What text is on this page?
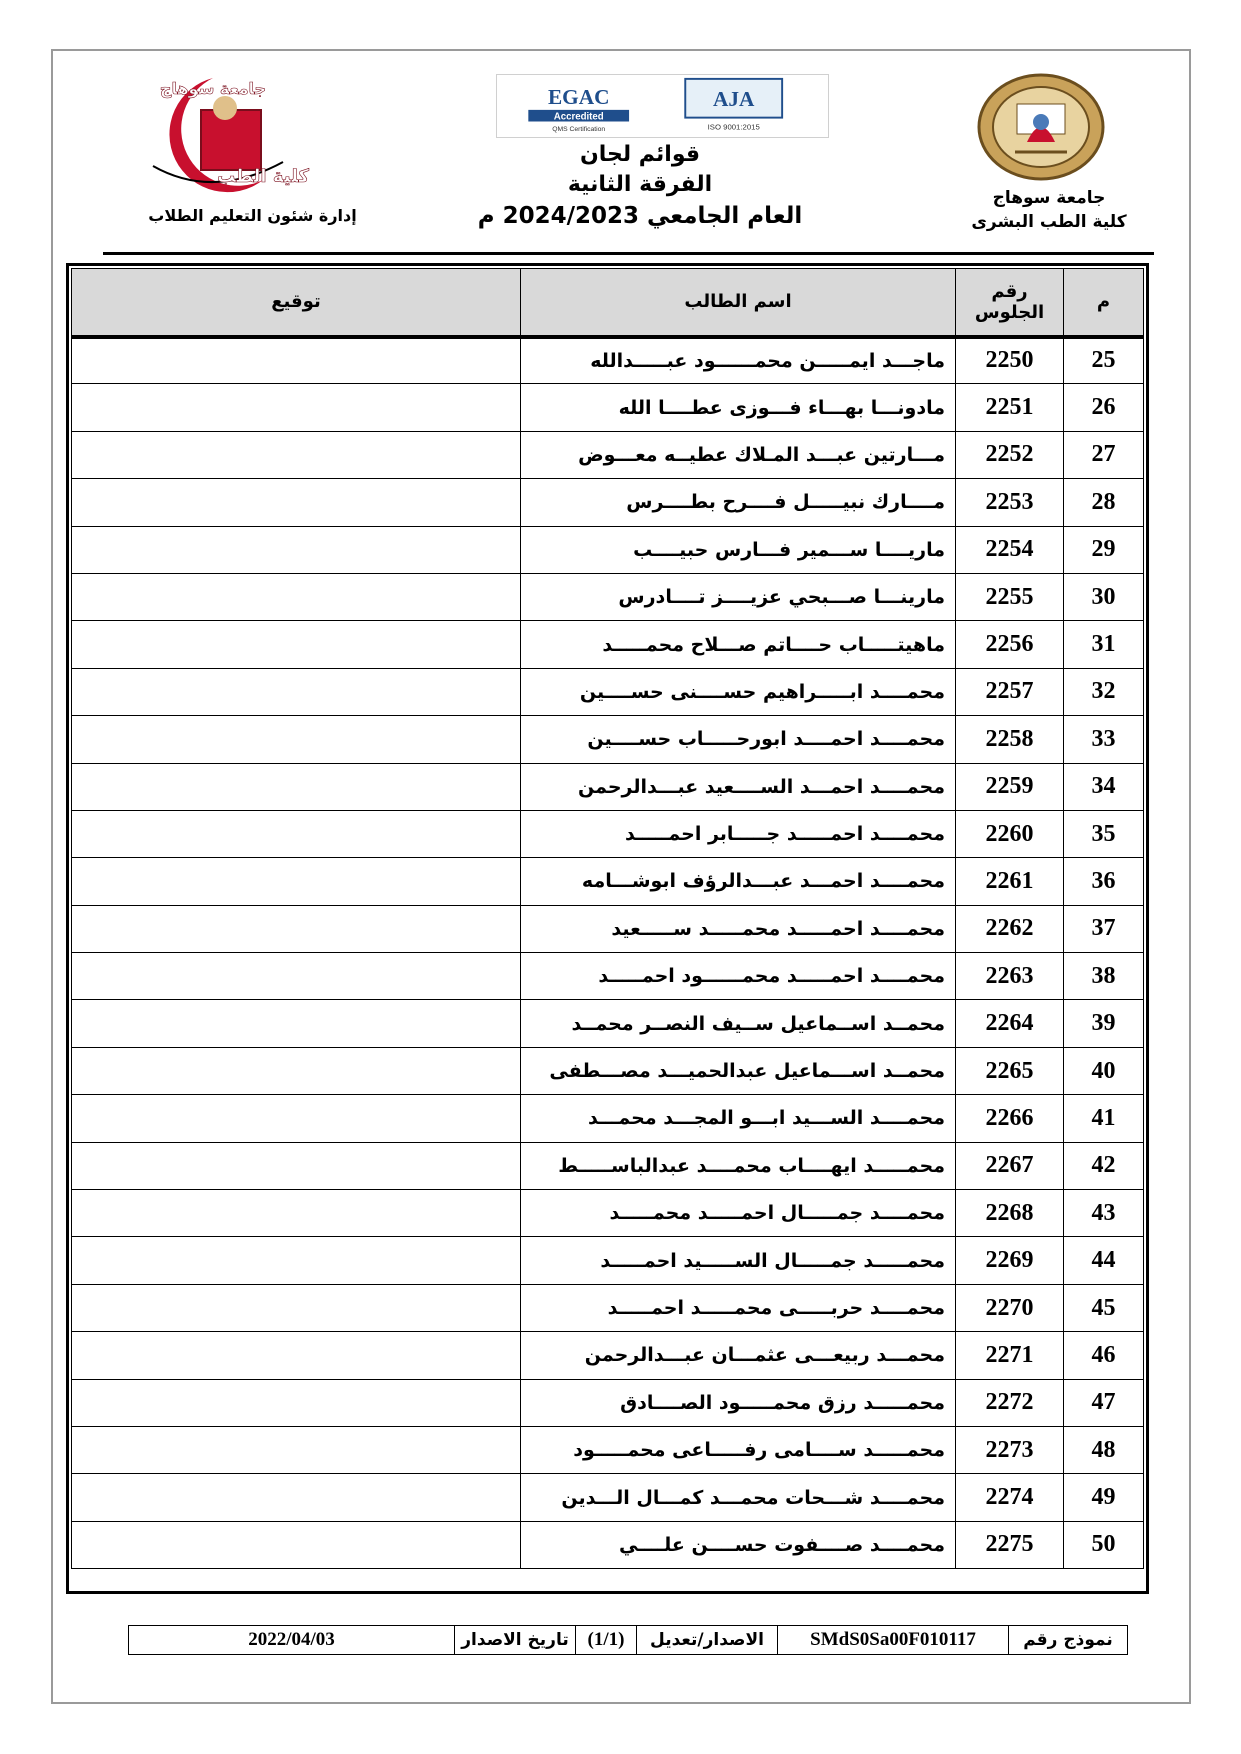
جامعة سوهاج
كلية الطب البشرى
جامعة سوهاج
كلية الطب
إدارة شئون التعليم الطلاب
EGAC
Accredited
QMS Certification
AJA
ISO 9001:2015
قوائم لجان
الفرقة الثانية
العام الجامعي 2024/2023 م
م	رقم الجلوس	اسم الطالب	توقيع
25	2250	ماجـــد ايمـــــن محمــــــود عبـــــدالله	
26	2251	مادونـــا بهـــاء فـــوزى عطــــا الله	
27	2252	مـــارتين عبـــد المـلاك عطيــه معـــوض	
28	2253	مــــارك نبيـــــل فــــرح بطــــرس	
29	2254	ماريــــا ســـمير فـــارس حبيــــب	
30	2255	مارينـــا صـــبحي عزيــــز تــــادرس	
31	2256	ماهيتـــــاب حــــاتم صـــلاح محمـــــد	
32	2257	محمــــد ابـــــراهيم حســــنى حســــين	
33	2258	محمــــد احمــــد ابورحـــــاب حســــين	
34	2259	محمــــد احمـــد الســــعيد عبـــدالرحمن	
35	2260	محمــــد احمـــــد جـــــابر احمـــــد	
36	2261	محمــــد احمـــد عبـــدالرؤف ابوشـــامه	
37	2262	محمــــد احمـــــد محمـــــد ســـــعيد	
38	2263	محمــــد احمـــــد محمــــــود احمـــــد	
39	2264	محمــد اســماعيل ســيف النصــر محمــد	
40	2265	محمــد اســـماعيل عبدالحميـــد مصـــطفى	
41	2266	محمــــد الســـيد ابـــو المجـــد محمـــد	
42	2267	محمـــــد ايهــــاب محمــــد عبدالباســـــط	
43	2268	محمــــد جمـــــال احمـــــد محمـــــد	
44	2269	محمـــــد جمـــــال الســـــيد احمـــــد	
45	2270	محمــــد حربـــــى محمـــــد احمـــــد	
46	2271	محمـــد ربيعـــى عثمـــان عبـــدالرحمن	
47	2272	محمـــــد رزق محمـــــود الصــــادق	
48	2273	محمـــــد ســــامى رفـــــاعى محمـــــود	
49	2274	محمــــد شـــحات محمـــد كمـــال الـــدين	
50	2275	محمــــد صــــفوت حســــن علــــي	
نموذج رقم
SMdS0Sa00F010117
الاصدار/تعديل
(1/1)
تاريخ الاصدار
2022/04/03
